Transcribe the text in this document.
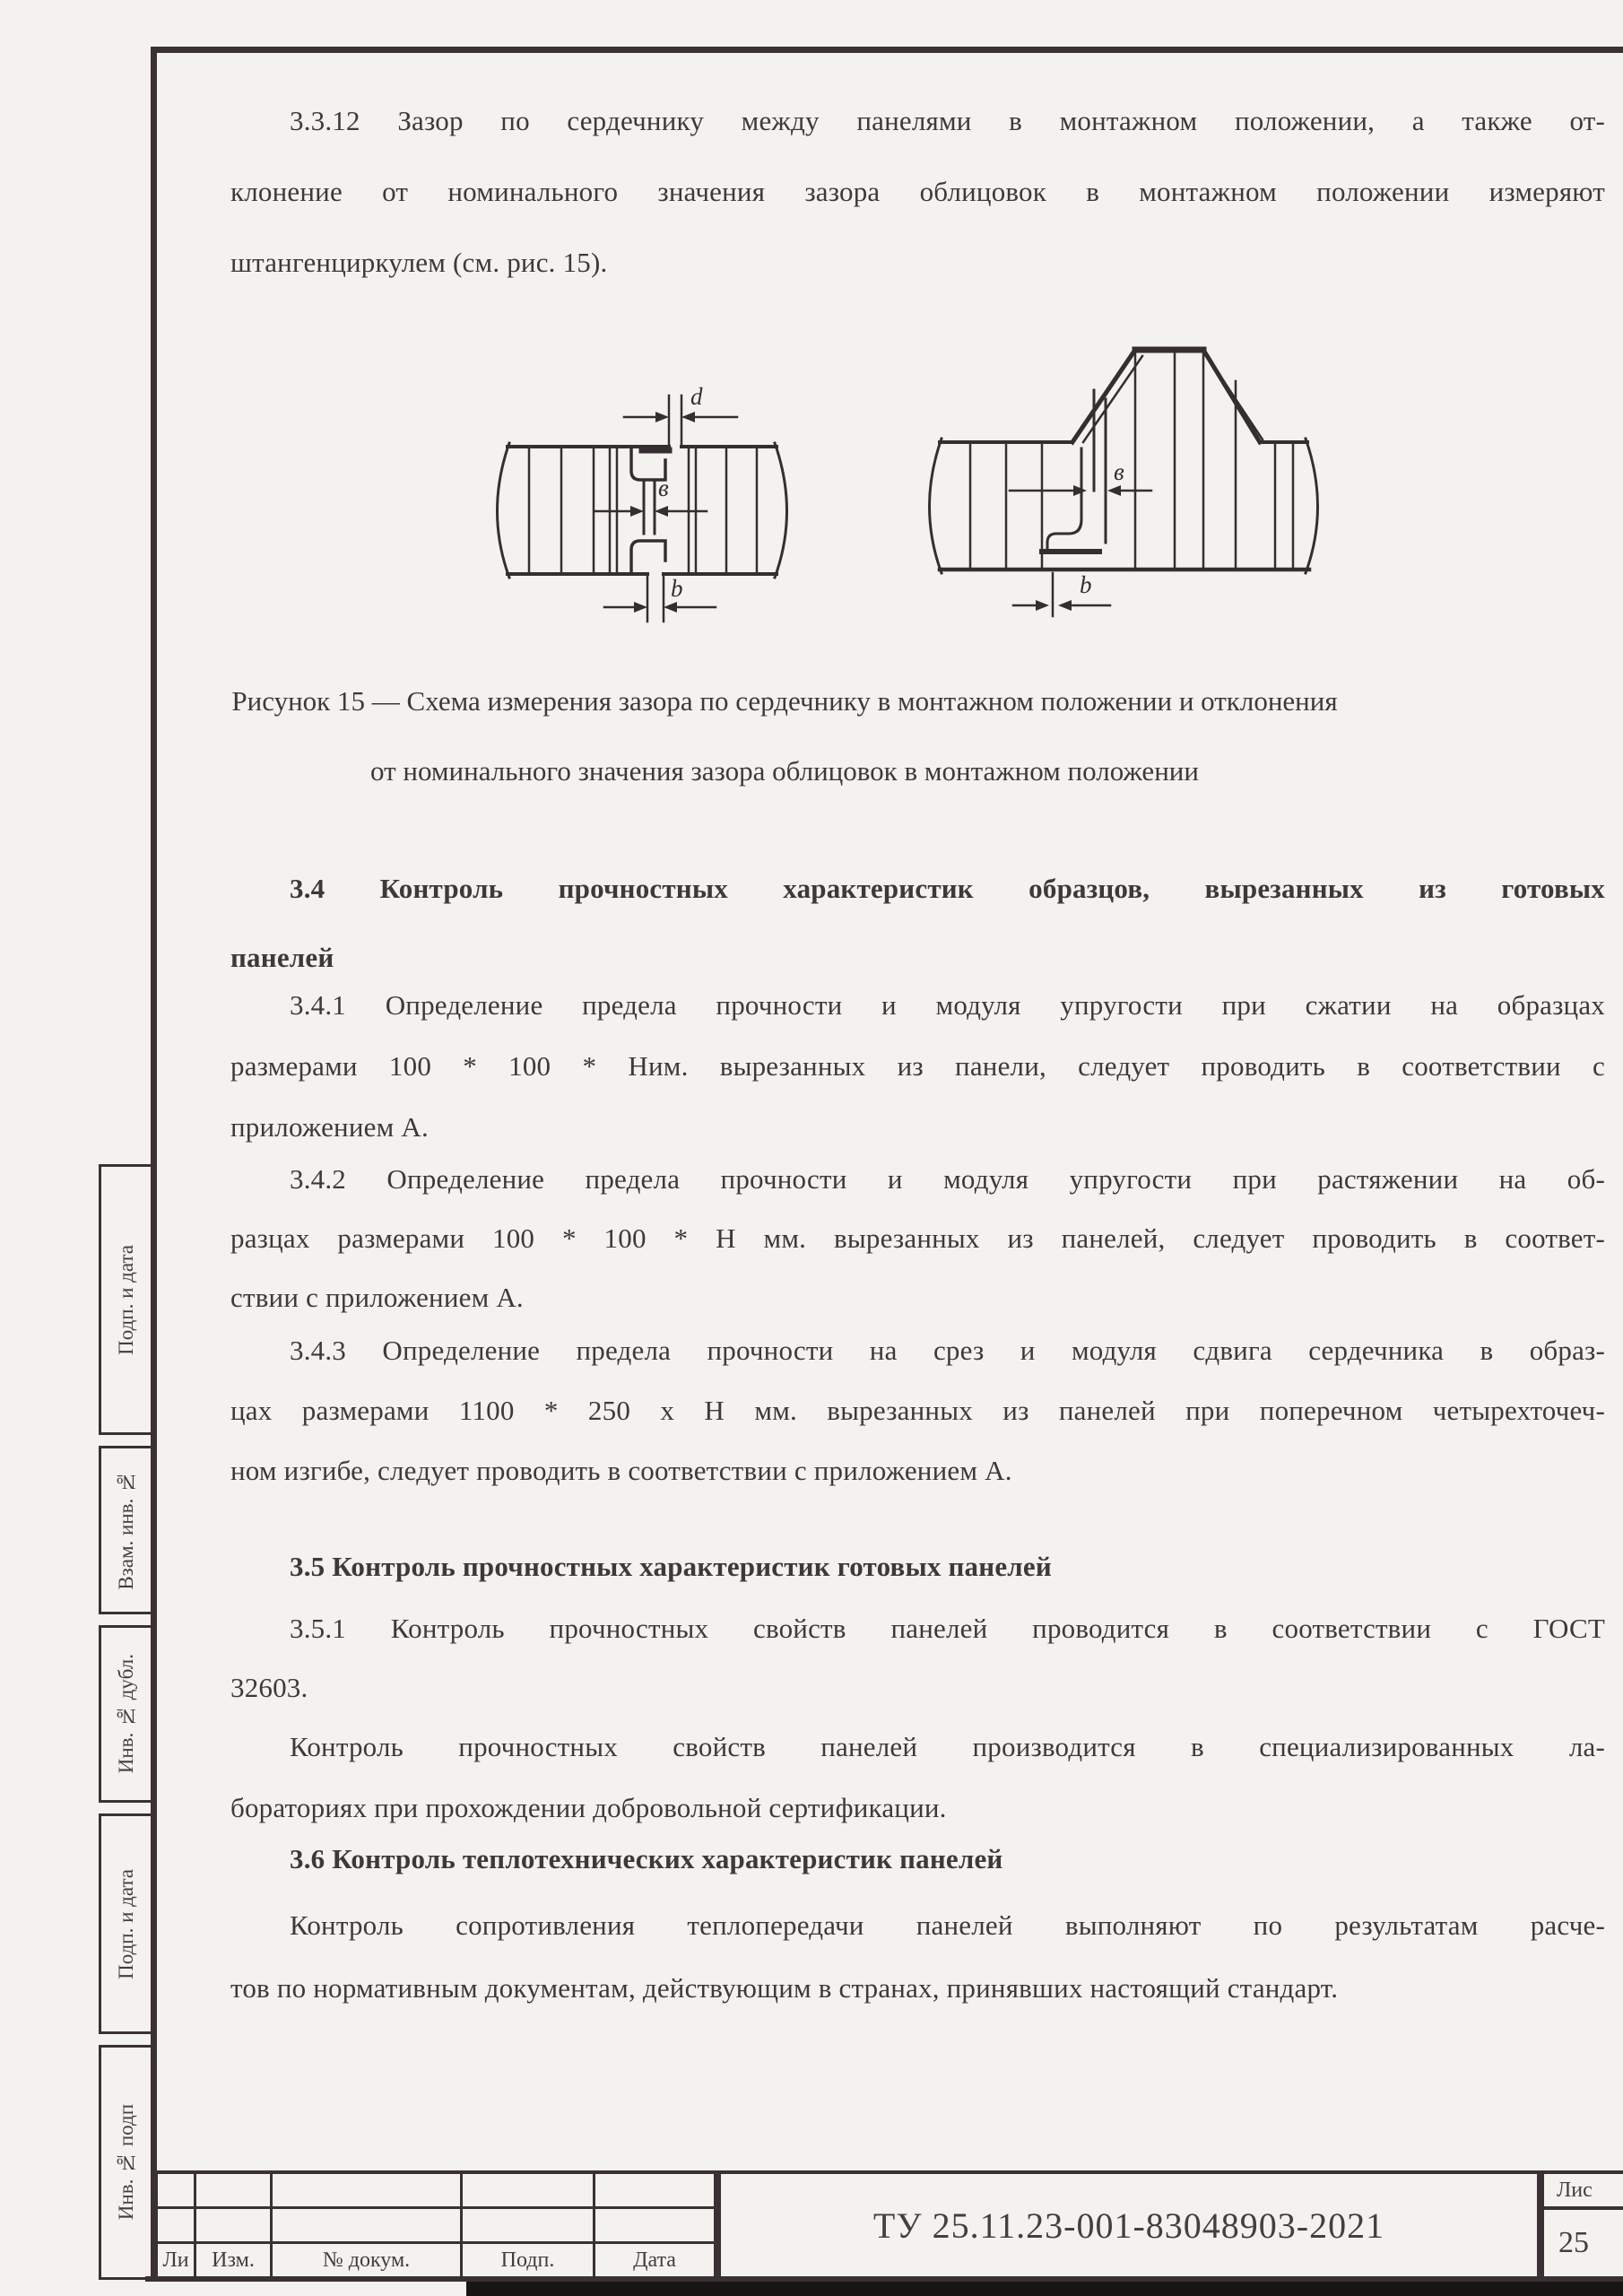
3.3.12 Зазор по сердечнику между панелями в монтажном положении, а также от-
клонение от номинального значения зазора облицовок в монтажном положении измеряют
штангенциркулем (см. рис. 15).
d
в
b
в
b
Рисунок 15 — Схема измерения зазора по сердечнику в монтажном положении и отклонения
от номинального значения зазора облицовок в монтажном положении
3.4 Контроль прочностных характеристик образцов, вырезанных из готовых
панелей
3.4.1 Определение предела прочности и модуля упругости при сжатии на образцах
размерами 100 * 100 * Ним. вырезанных из панели, следует проводить в соответствии с
приложением А.
3.4.2 Определение предела прочности и модуля упругости при растяжении на об-
разцах размерами 100 * 100 * Н мм. вырезанных из панелей, следует проводить в соответ-
ствии с приложением А.
3.4.3 Определение предела прочности на срез и модуля сдвига сердечника в образ-
цах размерами 1100 * 250 х Н мм. вырезанных из панелей при поперечном четырехточеч-
ном изгибе, следует проводить в соответствии с приложением А.
3.5 Контроль прочностных характеристик готовых панелей
3.5.1 Контроль прочностных свойств панелей проводится в соответствии с ГОСТ
32603.
Контроль прочностных свойств панелей производится в специализированных ла-
бораториях при прохождении добровольной сертификации.
3.6 Контроль теплотехнических характеристик панелей
Контроль сопротивления теплопередачи панелей выполняют по результатам расче-
тов по нормативным документам, действующим в странах, принявших настоящий стандарт.
Подп. и дата
Взам. инв. №
Инв. № дубл.
Подп. и дата
Инв. № подп
Ли	Изм.	№ докум.	Подп.	Дата
ТУ 25.11.23-001-83048903-2021
Лис
25
